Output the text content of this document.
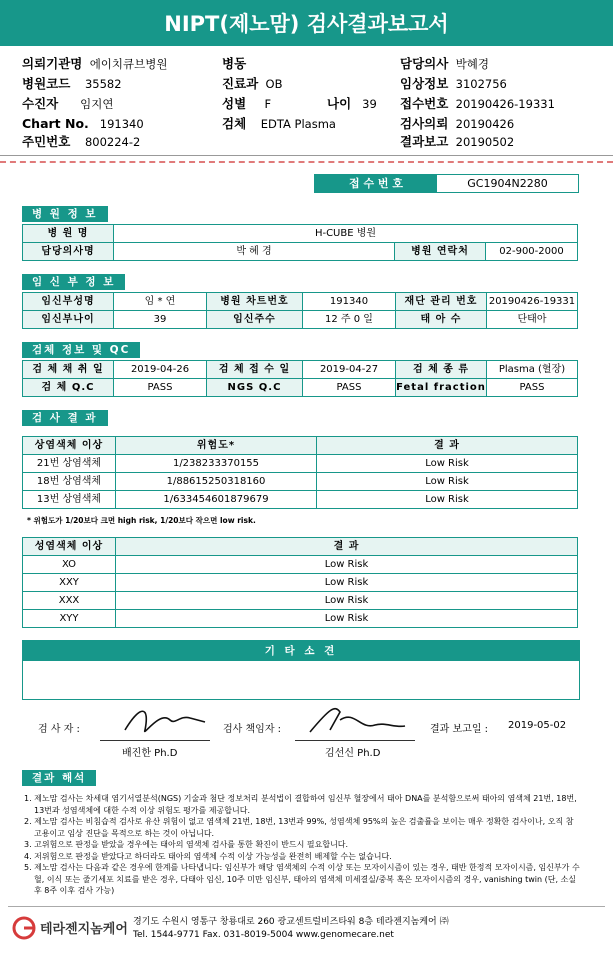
NIPT(제노맘) 검사결과보고서
의뢰기관명 에이치큐브병원
병원코드 35582
수진자 임지연
Chart No. 191340
주민번호 800224-2
병동
진료과 OB
성별 F	나이 39
검체 EDTA Plasma
담당의사 박혜경
임상정보 3102756
접수번호 20190426-19331
검사의뢰 20190426
결과보고 20190502
접 수 번 호	GC1904N2280
병 원 정 보
병 원 명	H-CUBE 병원		
담당의사명	박 혜 경	병원 연락처	02-900-2000
임 신 부 정 보
임신부성명	임 * 연	병원 차트번호	191340	재단 관리 번호	20190426-19331
임신부나이	39	임신주수	12 주 0 일	태 아 수	단태아
검체 정보 및 QC
검 체 채 취 일	2019-04-26	검 체 접 수 일	2019-04-27	검 체 종 류	Plasma (혈장)
검 체 Q.C	PASS	NGS Q.C	PASS	Fetal fraction	PASS
검 사 결 과
상염색체 이상	위험도*	결 과
21번 상염색체	1/238233370155	Low Risk
18번 상염색체	1/88615250318160	Low Risk
13번 상염색체	1/633454601879679	Low Risk
* 위험도가 1/20보다 크면 high risk, 1/20보다 작으면 low risk.
성염색체 이상	결 과
XO	Low Risk
XXY	Low Risk
XXX	Low Risk
XYY	Low Risk
기 타 소 견
검 사 자 :
배진한 Ph.D
검사 책임자 :
김선신 Ph.D
결과 보고일 : 2019-05-02
결과 해석
1. 제노맘 검사는 차세대 염기서열분석(NGS) 기술과 첨단 정보처리 분석법이 결합하여 임신부 혈장에서 태아 DNA를 분석함으로써 태아의 염색체 21번, 18번, 13번과 성염색체에 대한 수적 이상 위험도 평가를 제공합니다.
2. 제노맘 검사는 비침습적 검사로 유산 위험이 없고 염색체 21번, 18번, 13번과 99%, 성염색체 95%의 높은 검출률을 보이는 매우 정확한 검사이나, 오직 참고용이고 임상 진단을 목적으로 하는 것이 아닙니다.
3. 고위험으로 판정을 받았을 경우에는 태아의 염색체 검사를 통한 확진이 반드시 필요합니다.
4. 저위험으로 판정을 받았다고 하더라도 태아의 염색체 수적 이상 가능성을 완전히 배제할 수는 없습니다.
5. 제노맘 검사는 다음과 같은 경우에 한계를 나타냅니다: 임신부가 해당 염색체의 수적 이상 또는 모자이시즘이 있는 경우, 태반 한정적 모자이시즘, 임신부가 수혈, 이식 또는 줄기세포 치료를 받은 경우, 다태아 임신, 10주 미만 임신부, 태아의 염색체 미세결실/중복 혹은 모자이시즘의 경우, vanishing twin (단, 소실 후 8주 이후 검사 가능)
테라젠지놈케어 경기도 수원시 영통구 창룡대로 260 광교센트럴비즈타워 8층 테라젠지놈케어 ㈜
Tel. 1544-9771 Fax. 031-8019-5004 www.genomecare.net
